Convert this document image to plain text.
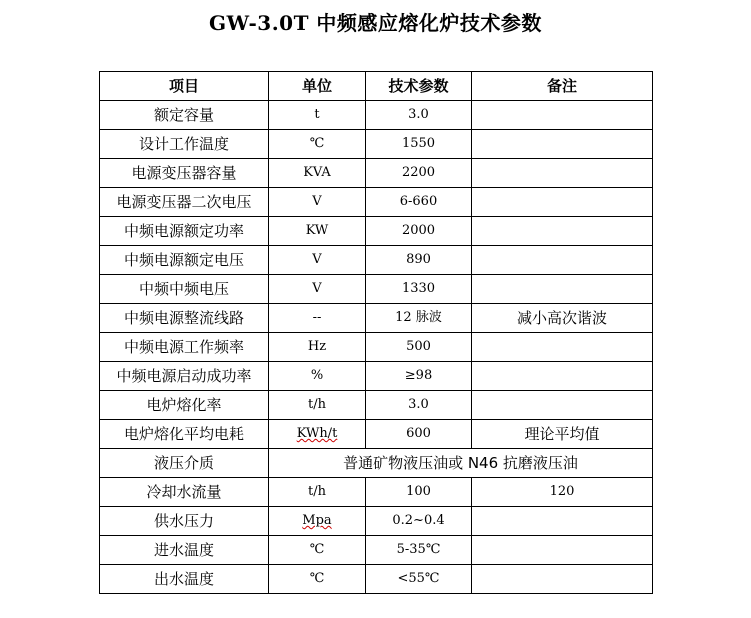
GW-3.0T 中频感应熔化炉技术参数
项目	单位	技术参数	备注
额定容量	t	3.0	
设计工作温度	℃	1550	
电源变压器容量	KVA	2200	
电源变压器二次电压	V	6-660	
中频电源额定功率	KW	2000	
中频电源额定电压	V	890	
中频中频电压	V	1330	
中频电源整流线路	--	12 脉波	减小高次谐波
中频电源工作频率	Hz	500	
中频电源启动成功率	%	≥98	
电炉熔化率	t/h	3.0	
电炉熔化平均电耗	KWh/t	600	理论平均值
液压介质	普通矿物液压油或 N46 抗磨液压油		
冷却水流量	t/h	100	120
供水压力	Mpa	0.2~0.4	
进水温度	℃	5-35℃	
出水温度	℃	<55℃	
